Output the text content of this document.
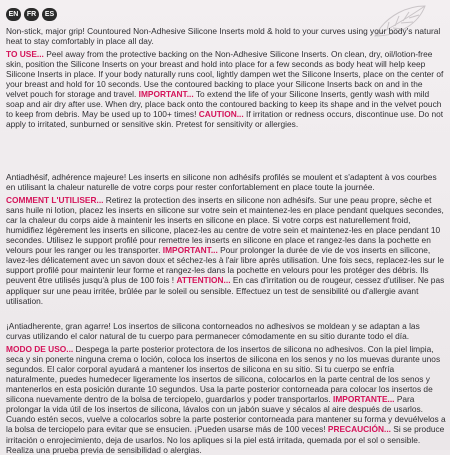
EN	FR	ES
Non-stick, major grip! Countoured Non-Adhesive Silicone Inserts mold & hold to your curves using your body's natural heat to stay comfortably in place all day.
TO USE... Peel away from the protective backing on the Non-Adhesive Silicone Inserts. On clean, dry, oil/lotion-free skin, position the Silicone Inserts on your breast and hold into place for a few seconds as body heat will help keep Silicone Inserts in place. If your body naturally runs cool, lightly dampen wet the Silicone Inserts, place on the center of your breast and hold for 10 seconds. Use the contoured backing to place your Silicone Inserts back on and in the velvet pouch for storage and travel. IMPORTANT... To extend the life of your Silicone Inserts, gently wash with mild soap and air dry after use. When dry, place back onto the contoured backing to keep its shape and in the velvet pouch to keep from debris. May be used up to 100+ times! CAUTION... If irritation or redness occurs, discontinue use. Do not apply to irritated, sunburned or sensitive skin. Pretest for sensitivity or allergies.
Antiadhésif, adhérence majeure! Les inserts en silicone non adhésifs profilés se moulent et s'adaptent à vos courbes en utilisant la chaleur naturelle de votre corps pour rester confortablement en place toute la journée.
COMMENT L'UTILISER... Retirez la protection des inserts en silicone non adhésifs. Sur une peau propre, sèche et sans huile ni lotion, placez les inserts en silicone sur votre sein et maintenez-les en place pendant quelques secondes, car la chaleur du corps aide à maintenir les inserts en silicone en place. Si votre corps est naturellement froid, humidifiez légèrement les inserts en silicone, placez-les au centre de votre sein et maintenez-les en place pendant 10 secondes. Utilisez le support profilé pour remettre les inserts en silicone en place et rangez-les dans la pochette en velours pour les ranger ou les transporter. IMPORTANT... Pour prolonger la durée de vie de vos inserts en silicone, lavez-les délicatement avec un savon doux et séchez-les à l'air libre après utilisation. Une fois secs, replacez-les sur le support profilé pour maintenir leur forme et rangez-les dans la pochette en velours pour les protéger des débris. Ils peuvent être utilisés jusqu'à plus de 100 fois ! ATTENTION... En cas d'irritation ou de rougeur, cessez d'utiliser. Ne pas appliquer sur une peau irritée, brûlée par le soleil ou sensible. Effectuez un test de sensibilité ou d'allergie avant utilisation.
¡Antiadherente, gran agarre! Los insertos de silicona contorneados no adhesivos se moldean y se adaptan a las curvas utilizando el calor natural de tu cuerpo para permanecer cómodamente en su sitio durante todo el día.
MODO DE USO... Despega la parte posterior protectora de los insertos de silicona no adhesivos. Con la piel limpia, seca y sin ponerte ninguna crema o loción, coloca los insertos de silicona en los senos y no los muevas durante unos segundos. El calor corporal ayudará a mantener los insertos de silicona en su sitio. Si tu cuerpo se enfría naturalmente, puedes humedecer ligeramente los insertos de silicona, colocarlos en la parte central de los senos y mantenerlos en esta posición durante 10 segundos. Usa la parte posterior contorneada para colocar los insertos de silicona nuevamente dentro de la bolsa de terciopelo, guardarlos y poder transportarlos. IMPORTANTE... Para prolongar la vida útil de los insertos de silicona, lávalos con un jabón suave y sécalos al aire después de usarlos. Cuando estén secos, vuelve a colocarlos sobre la parte posterior contorneada para mantener su forma y devuélvelos a la bolsa de terciopelo para evitar que se ensucien. ¡Pueden usarse más de 100 veces! PRECAUCIÓN... Si se produce irritación o enrojecimiento, deja de usarlos. No los apliques si la piel está irritada, quemada por el sol o sensible. Realiza una prueba previa de sensibilidad o alergias.
